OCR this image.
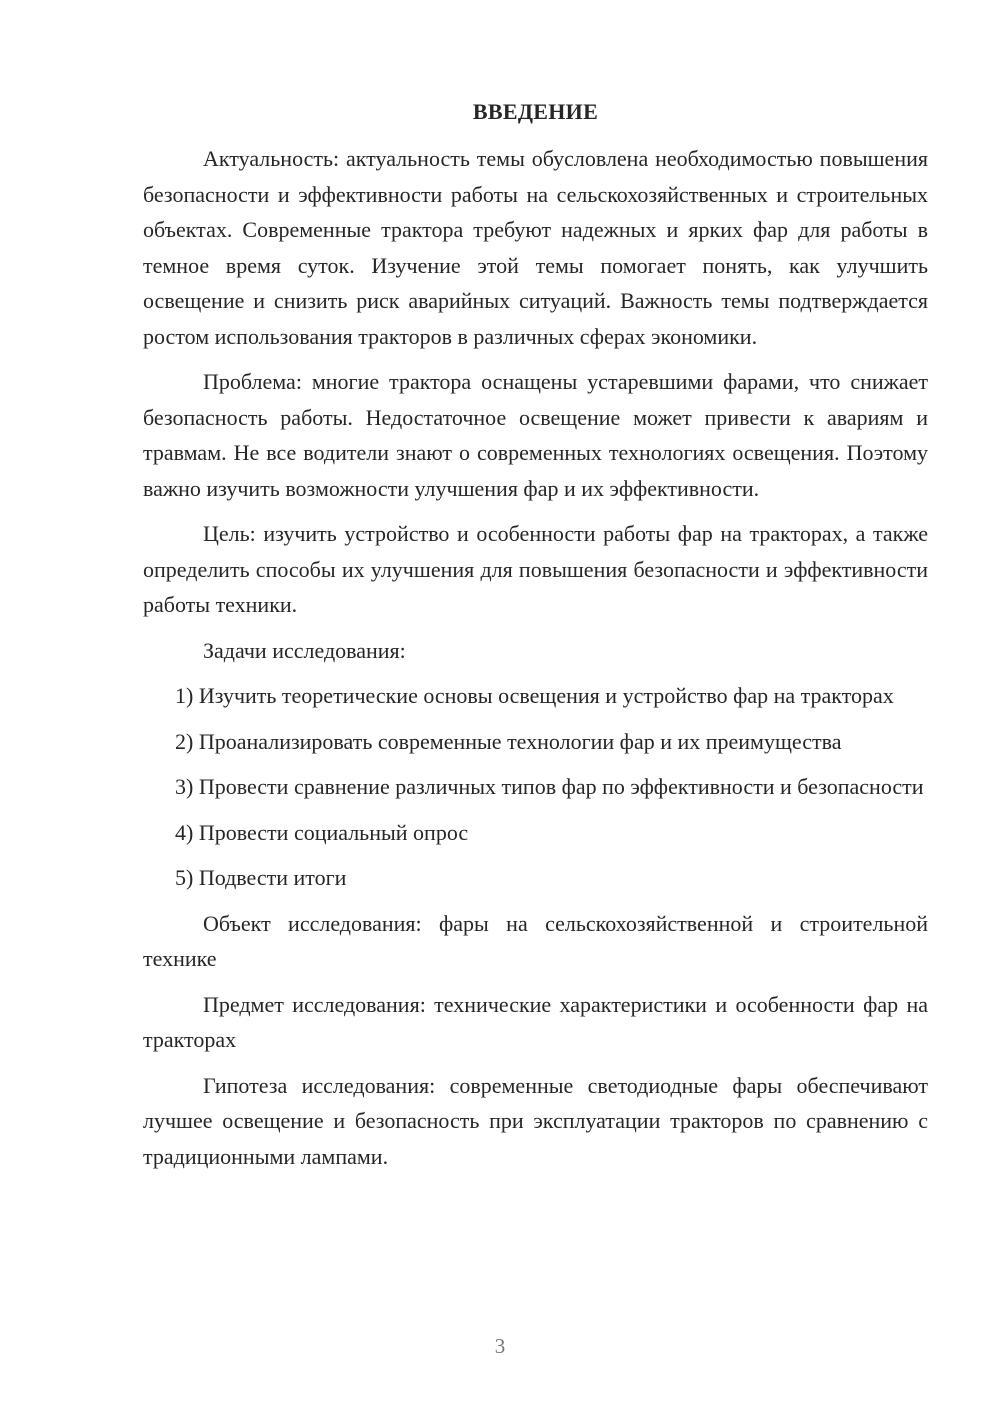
ВВЕДЕНИЕ

Актуальность: актуальность темы обусловлена необходимостью повышения безопасности и эффективности работы на сельскохозяйственных и строительных объектах. Современные трактора требуют надежных и ярких фар для работы в темное время суток. Изучение этой темы помогает понять, как улучшить освещение и снизить риск аварийных ситуаций. Важность темы подтверждается ростом использования тракторов в различных сферах экономики.

Проблема: многие трактора оснащены устаревшими фарами, что снижает безопасность работы. Недостаточное освещение может привести к авариям и травмам. Не все водители знают о современных технологиях освещения. Поэтому важно изучить возможности улучшения фар и их эффективности.

Цель: изучить устройство и особенности работы фар на тракторах, а также определить способы их улучшения для повышения безопасности и эффективности работы техники.

Задачи исследования:

1) Изучить теоретические основы освещения и устройство фар на тракторах

2) Проанализировать современные технологии фар и их преимущества

3) Провести сравнение различных типов фар по эффективности и безопасности

4) Провести социальный опрос

5) Подвести итоги

Объект исследования: фары на сельскохозяйственной и строительной технике

Предмет исследования: технические характеристики и особенности фар на тракторах

Гипотеза исследования: современные светодиодные фары обеспечивают лучшее освещение и безопасность при эксплуатации тракторов по сравнению с традиционными лампами.

3
